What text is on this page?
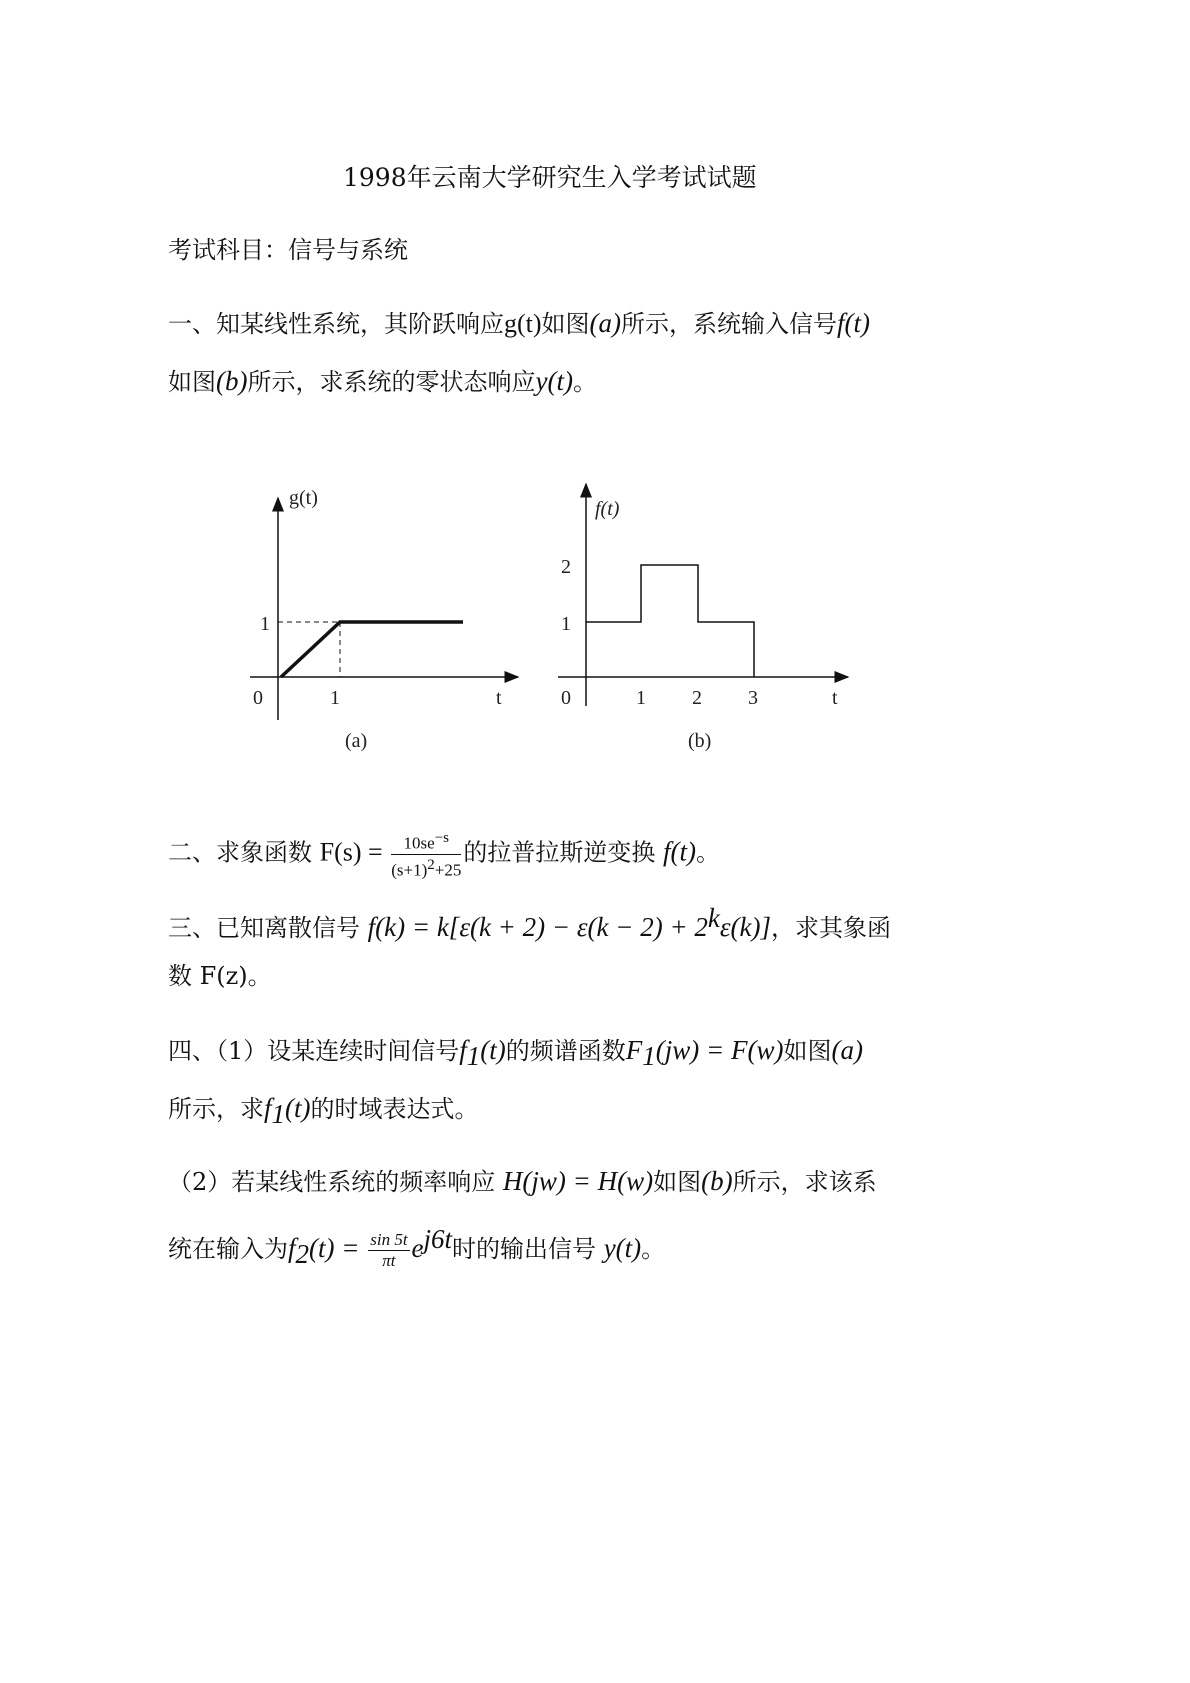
1998年云南大学研究生入学考试试题
考试科目：信号与系统
一、知某线性系统，其阶跃响应g(t)如图(a)所示，系统输入信号f(t)
如图(b)所示，求系统的零状态响应y(t)。
g(t)
1
0	1	t
(a)
f(t)
2
1
0	1 2 3	t
(b)
二、求象函数 $F(s) = \frac{10se^{-s}}{(s+1)^2+25}$ 的拉普拉斯逆变换 f(t)。
三、已知离散信号 $f(k) = k[\varepsilon(k + 2) - \varepsilon(k - 2) + 2^k\varepsilon(k)]$，求其象函
数 F(z)。
四、（1）设某连续时间信号$f_1(t)$的频谱函数$F_1(jw) = F(w)$如图(a)
所示，求$f_1(t)$的时域表达式。
（2）若某线性系统的频率响应 H(jw) = H(w)如图(b)所示，求该系
统在输入为$f_2(t) = \frac{\sin 5t}{\pi t} e^{j6t}$时的输出信号 y(t)。
